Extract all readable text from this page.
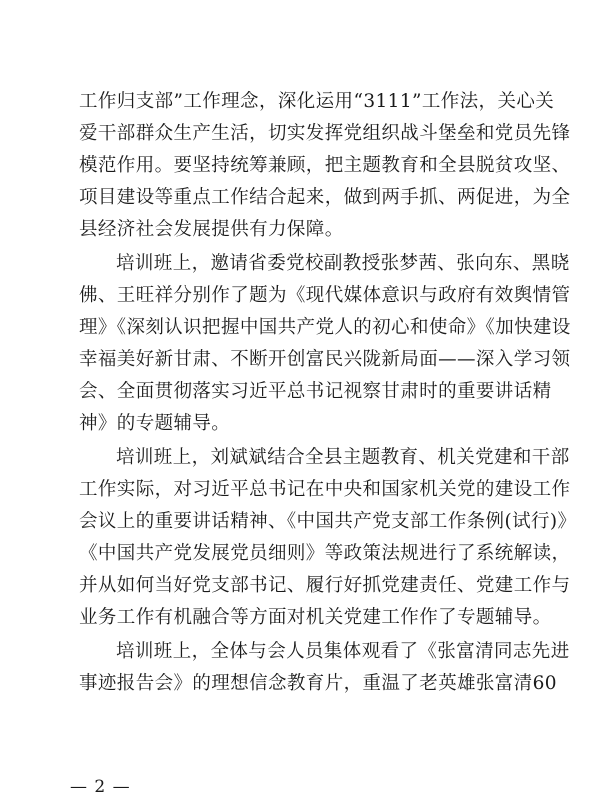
工作归支部”工作理念，深化运用“3111”工作法，关心关
爱干部群众生产生活，切实发挥党组织战斗堡垒和党员先锋
模范作用。要坚持统筹兼顾，把主题教育和全县脱贫攻坚、
项目建设等重点工作结合起来，做到两手抓、两促进，为全
县经济社会发展提供有力保障。
培训班上，邀请省委党校副教授张梦茜、张向东、黑晓
佛、王旺祥分别作了题为《现代媒体意识与政府有效舆情管
理》《深刻认识把握中国共产党人的初心和使命》《加快建设
幸福美好新甘肃、不断开创富民兴陇新局面——深入学习领
会、全面贯彻落实习近平总书记视察甘肃时的重要讲话精
神》的专题辅导。
培训班上，刘斌斌结合全县主题教育、机关党建和干部
工作实际，对习近平总书记在中央和国家机关党的建设工作
会议上的重要讲话精神、《中国共产党支部工作条例(试行)》
《中国共产党发展党员细则》等政策法规进行了系统解读，
并从如何当好党支部书记、履行好抓党建责任、党建工作与
业务工作有机融合等方面对机关党建工作作了专题辅导。
培训班上，全体与会人员集体观看了《张富清同志先进
事迹报告会》的理想信念教育片，重温了老英雄张富清60
— 2 —
